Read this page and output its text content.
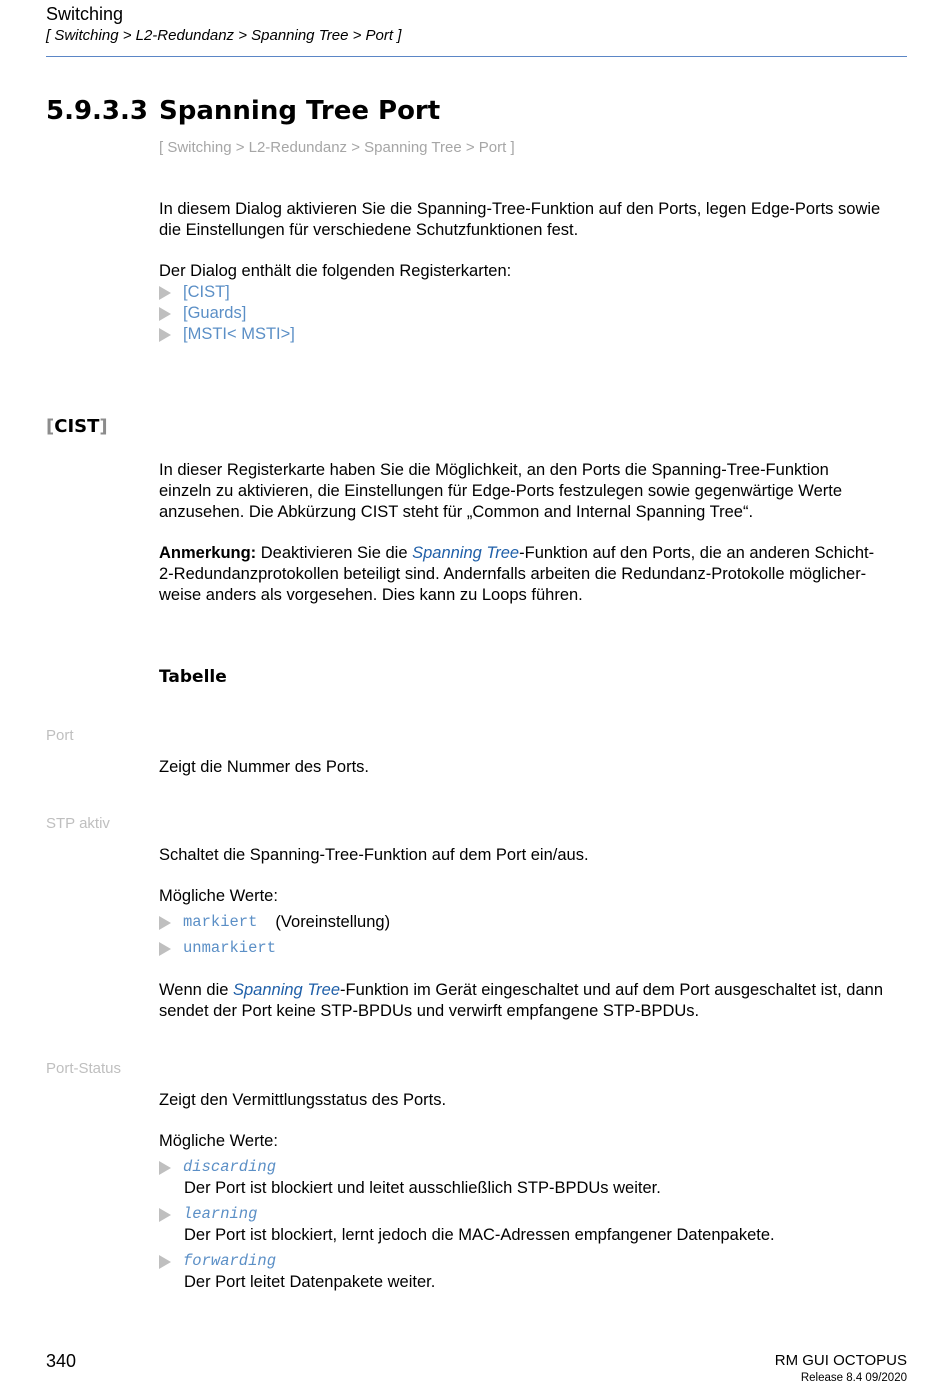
Switching
[ Switching > L2-Redundanz > Spanning Tree > Port ]
5.9.3.3 Spanning Tree Port
[ Switching > L2-Redundanz > Spanning Tree > Port ]
In diesem Dialog aktivieren Sie die Spanning-Tree-Funktion auf den Ports, legen Edge-Ports sowie
die Einstellungen für verschiedene Schutzfunktionen fest.
Der Dialog enthält die folgenden Registerkarten:
[CIST]
[Guards]
[MSTI< MSTI>]
[CIST]
In dieser Registerkarte haben Sie die Möglichkeit, an den Ports die Spanning-Tree-Funktion
einzeln zu aktivieren, die Einstellungen für Edge-Ports festzulegen sowie gegenwärtige Werte
anzusehen. Die Abkürzung CIST steht für „Common and Internal Spanning Tree“.
Anmerkung: Deaktivieren Sie die Spanning Tree-Funktion auf den Ports, die an anderen Schicht-
2-Redundanzprotokollen beteiligt sind. Andernfalls arbeiten die Redundanz-Protokolle möglicher-
weise anders als vorgesehen. Dies kann zu Loops führen.
Tabelle
Port
Zeigt die Nummer des Ports.
STP aktiv
Schaltet die Spanning-Tree-Funktion auf dem Port ein/aus.
Mögliche Werte:
markiert (Voreinstellung)
unmarkiert
Wenn die Spanning Tree-Funktion im Gerät eingeschaltet und auf dem Port ausgeschaltet ist, dann
sendet der Port keine STP-BPDUs und verwirft empfangene STP-BPDUs.
Port-Status
Zeigt den Vermittlungsstatus des Ports.
Mögliche Werte:
discarding
Der Port ist blockiert und leitet ausschließlich STP-BPDUs weiter.
learning
Der Port ist blockiert, lernt jedoch die MAC-Adressen empfangener Datenpakete.
forwarding
Der Port leitet Datenpakete weiter.
340	RM GUI OCTOPUS
Release 8.4 09/2020
